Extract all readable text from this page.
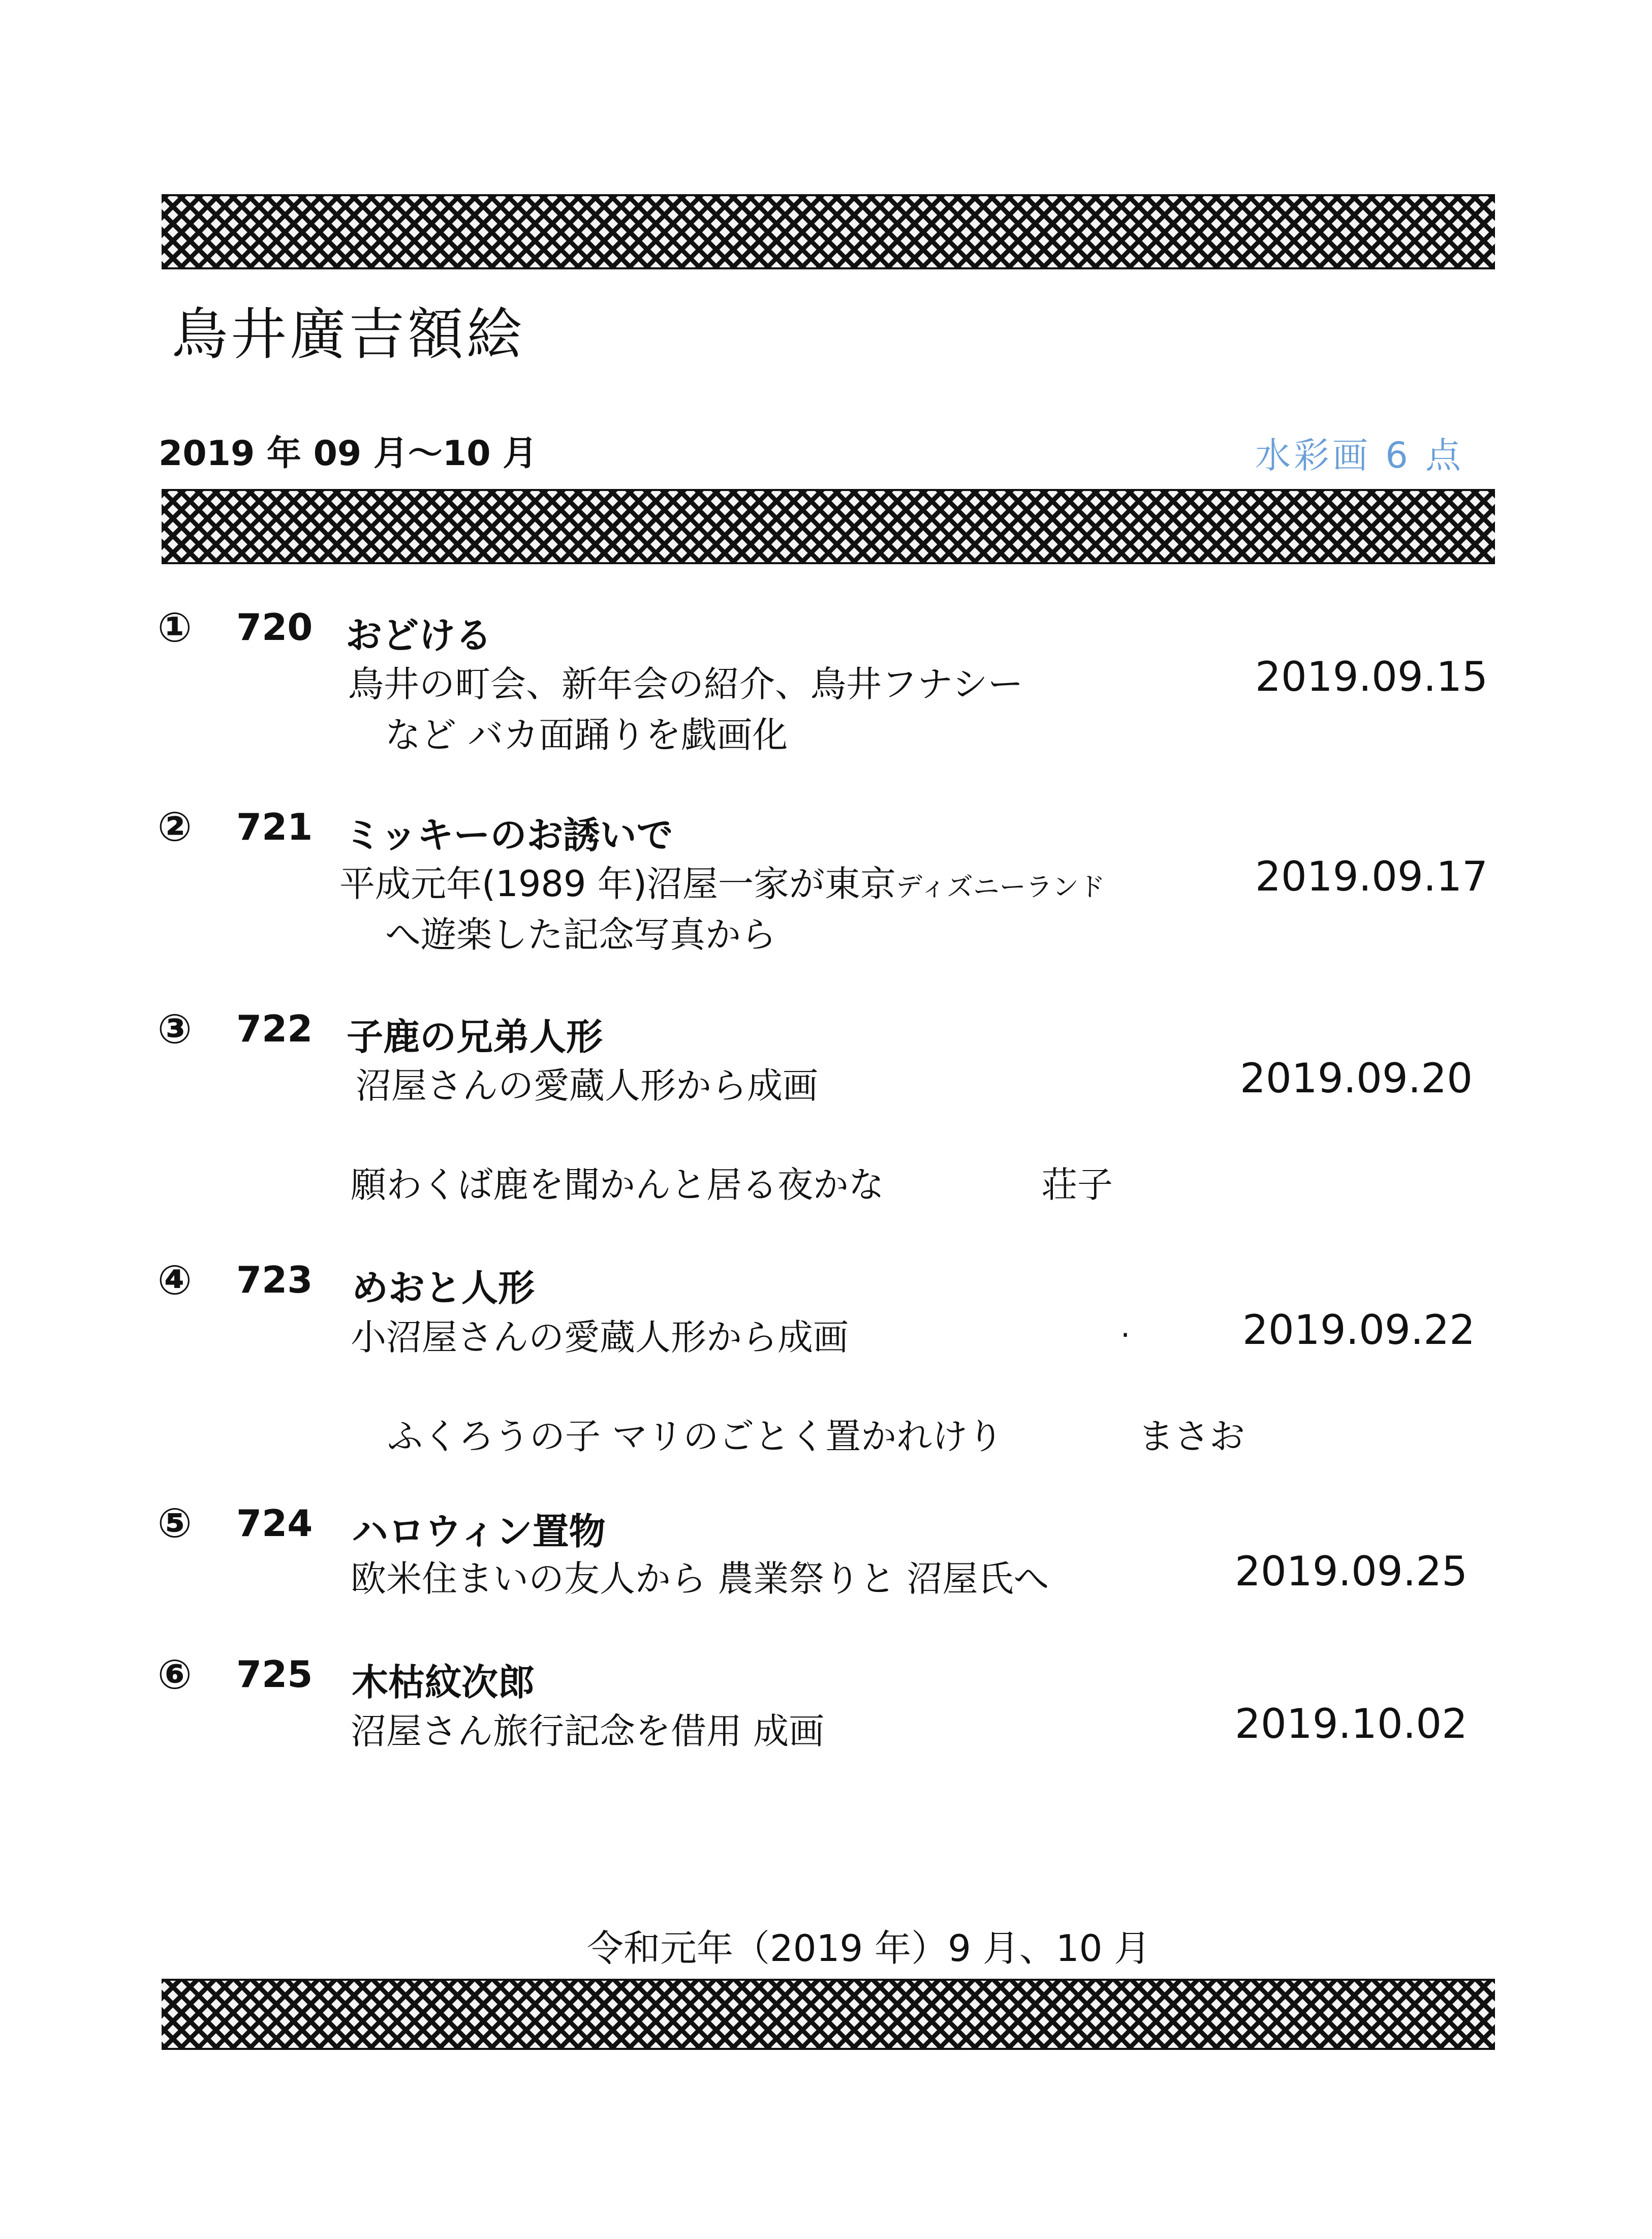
鳥井廣吉額絵
2019 年 09 月〜10 月	水彩画 6 点
① 720 おどける
鳥井の町会、新年会の紹介、鳥井フナシー
など バカ面踊りを戯画化
2019.09.15
② 721 ミッキーのお誘いで
平成元年(1989 年)沼屋一家が東京ディズニーランド
へ遊楽した記念写真から
2019.09.17
③ 722 子鹿の兄弟人形
沼屋さんの愛蔵人形から成画	2019.09.20
願わくば鹿を聞かんと居る夜かな	荘子
④ 723 めおと人形
小沼屋さんの愛蔵人形から成画	.	2019.09.22
ふくろうの子 マリのごとく置かれけり	まさお
⑤ 724 ハロウィン置物
欧米住まいの友人から 農業祭りと 沼屋氏へ	2019.09.25
⑥ 725 木枯紋次郎
沼屋さん旅行記念を借用 成画	2019.10.02
令和元年（2019 年）9 月、10 月
